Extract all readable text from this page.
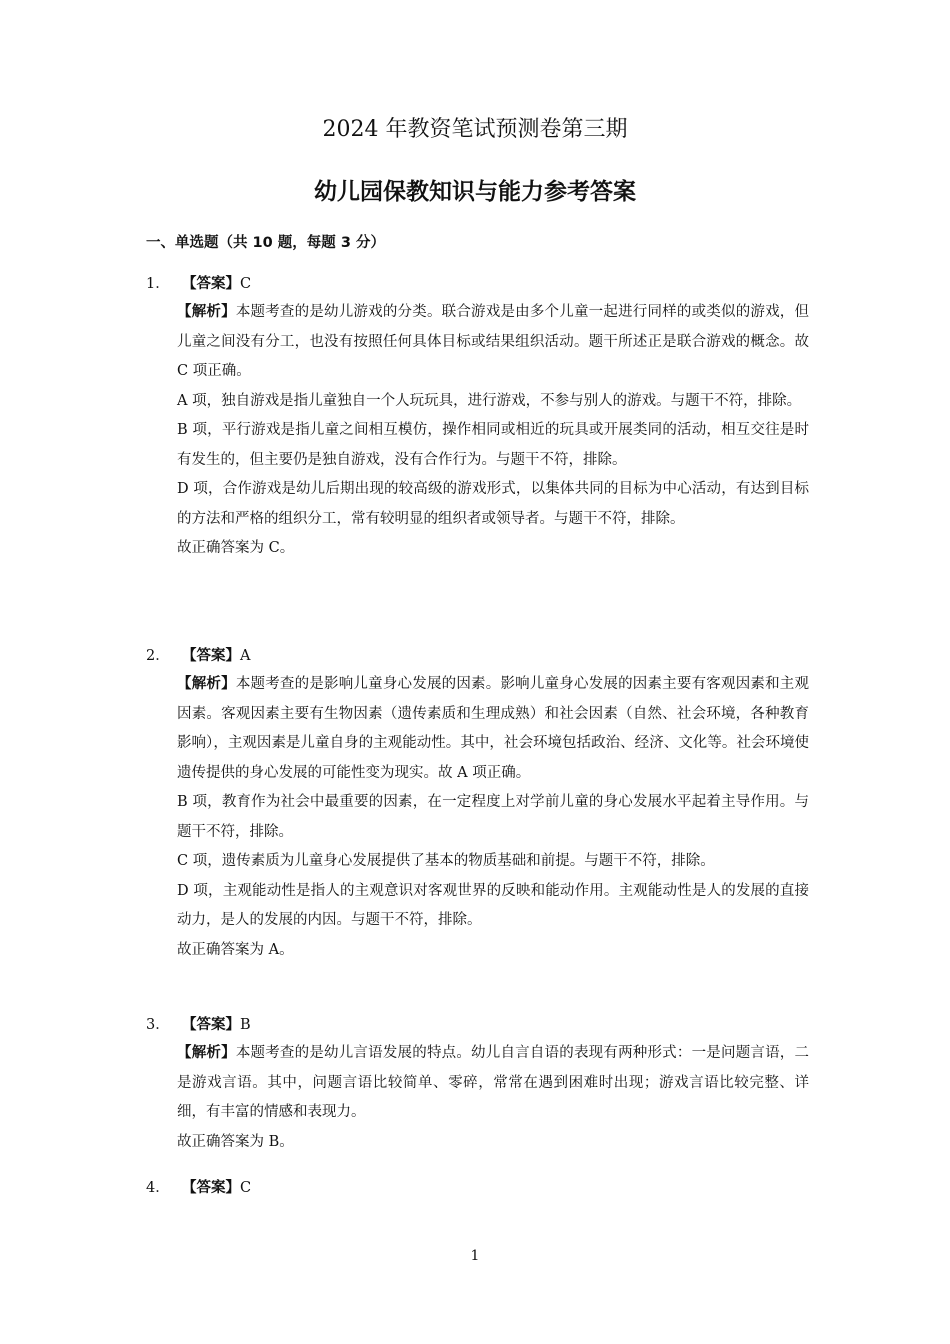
2024 年教资笔试预测卷第三期
幼儿园保教知识与能力参考答案
一、单选题（共 10 题，每题 3 分）
1． 【答案】C

【解析】本题考查的是幼儿游戏的分类。联合游戏是由多个儿童一起进行同样的或类似的游戏，但儿童之间没有分工，也没有按照任何具体目标或结果组织活动。题干所述正是联合游戏的概念。故 C 项正确。

A 项，独自游戏是指儿童独自一个人玩玩具，进行游戏，不参与别人的游戏。与题干不符，排除。

B 项，平行游戏是指儿童之间相互模仿，操作相同或相近的玩具或开展类同的活动，相互交往是时有发生的，但主要仍是独自游戏，没有合作行为。与题干不符，排除。

D 项，合作游戏是幼儿后期出现的较高级的游戏形式，以集体共同的目标为中心活动，有达到目标的方法和严格的组织分工，常有较明显的组织者或领导者。与题干不符，排除。

故正确答案为 C。

2． 【答案】A

【解析】本题考查的是影响儿童身心发展的因素。影响儿童身心发展的因素主要有客观因素和主观因素。客观因素主要有生物因素（遗传素质和生理成熟）和社会因素（自然、社会环境，各种教育影响），主观因素是儿童自身的主观能动性。其中，社会环境包括政治、经济、文化等。社会环境使遗传提供的身心发展的可能性变为现实。故 A 项正确。

B 项，教育作为社会中最重要的因素，在一定程度上对学前儿童的身心发展水平起着主导作用。与题干不符，排除。

C 项，遗传素质为儿童身心发展提供了基本的物质基础和前提。与题干不符，排除。

D 项，主观能动性是指人的主观意识对客观世界的反映和能动作用。主观能动性是人的发展的直接动力，是人的发展的内因。与题干不符，排除。

故正确答案为 A。

3． 【答案】B

【解析】本题考查的是幼儿言语发展的特点。幼儿自言自语的表现有两种形式：一是问题言语，二是游戏言语。其中，问题言语比较简单、零碎，常常在遇到困难时出现；游戏言语比较完整、详细，有丰富的情感和表现力。

故正确答案为 B。

4． 【答案】C
1
